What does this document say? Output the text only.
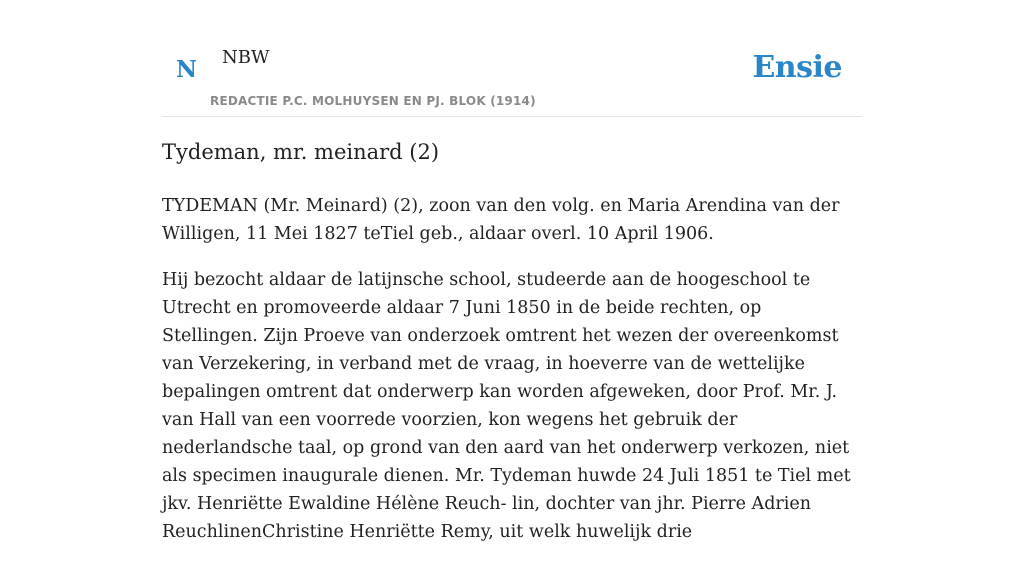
N NBW
REDACTIE P.C. MOLHUYSEN EN PJ. BLOK (1914)
Ensie
Tydeman, mr. meinard (2)

TYDEMAN (Mr. Meinard) (2), zoon van den volg. en Maria Arendina van der Willigen, 11 Mei 1827 teTiel geb., aldaar overl. 10 April 1906.

Hij bezocht aldaar de latijnsche school, studeerde aan de hoogeschool te Utrecht en promoveerde aldaar 7 Juni 1850 in de beide rechten, op Stellingen. Zijn Proeve van onderzoek omtrent het wezen der overeenkomst van Verzekering, in verband met de vraag, in hoeverre van de wettelijke bepalingen omtrent dat onderwerp kan worden afgeweken, door Prof. Mr. J. van Hall van een voorrede voorzien, kon wegens het gebruik der nederlandsche taal, op grond van den aard van het onderwerp verkozen, niet als specimen inaugurale dienen. Mr. Tydeman huwde 24 Juli 1851 te Tiel met jkv. Henriëtte Ewaldine Hélène Reuch- lin, dochter van jhr. Pierre Adrien ReuchlinenChristine Henriëtte Remy, uit welk huwelijk drie
